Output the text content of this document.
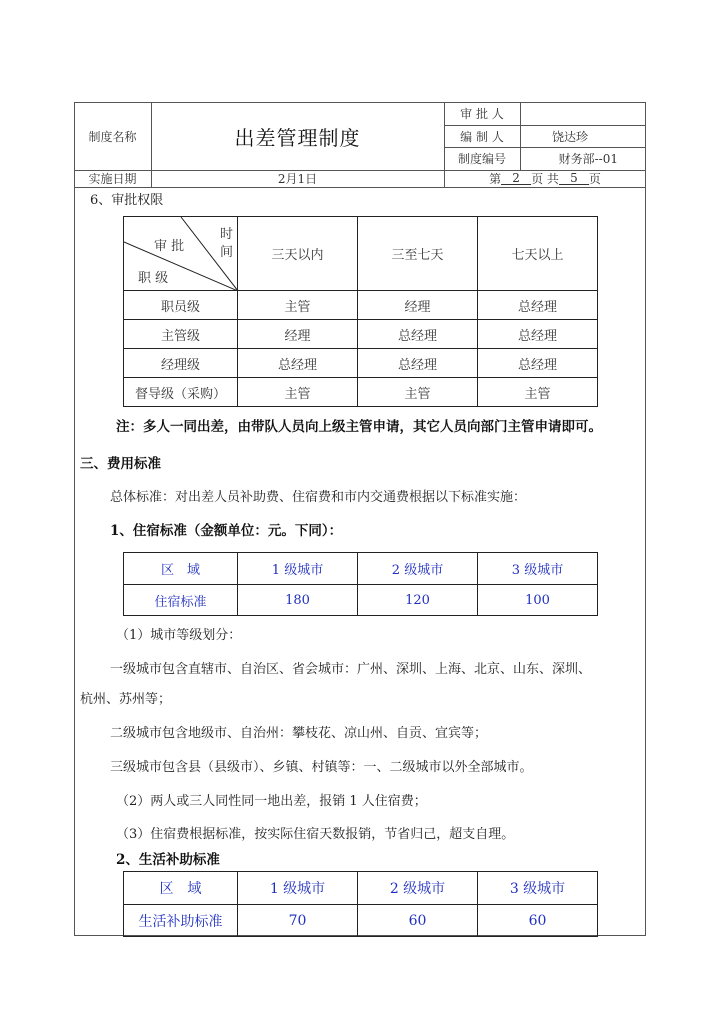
制度名称	出差管理制度
审 批 人
编 制 人	饶达珍
制度编号	财务部--01
实施日期	2月1日	第 2 页 共 5 页
6、审批权限
审 批
时
间
职 级	三天以内	三至七天	七天以上
职员级	主管	经理	总经理
主管级	经理	总经理	总经理
经理级	总经理	总经理	总经理
督导级（采购）	主管	主管	主管
注：多人一同出差，由带队人员向上级主管申请，其它人员向部门主管申请即可。
三、费用标准
总体标准：对出差人员补助费、住宿费和市内交通费根据以下标准实施：
1、住宿标准（金额单位：元。下同）：
区　域	1 级城市	2 级城市	3 级城市
住宿标准	180	120	100
（1）城市等级划分：
一级城市包含直辖市、自治区、省会城市：广州、深圳、上海、北京、山东、深圳、
杭州、苏州等；
二级城市包含地级市、自治州：攀枝花、凉山州、自贡、宜宾等；
三级城市包含县（县级市）、乡镇、村镇等：一、二级城市以外全部城市。
（2）两人或三人同性同一地出差，报销 1 人住宿费；
（3）住宿费根据标准，按实际住宿天数报销，节省归己，超支自理。
2、生活补助标准
区　域	1 级城市	2 级城市	3 级城市
生活补助标准	70	60	60
